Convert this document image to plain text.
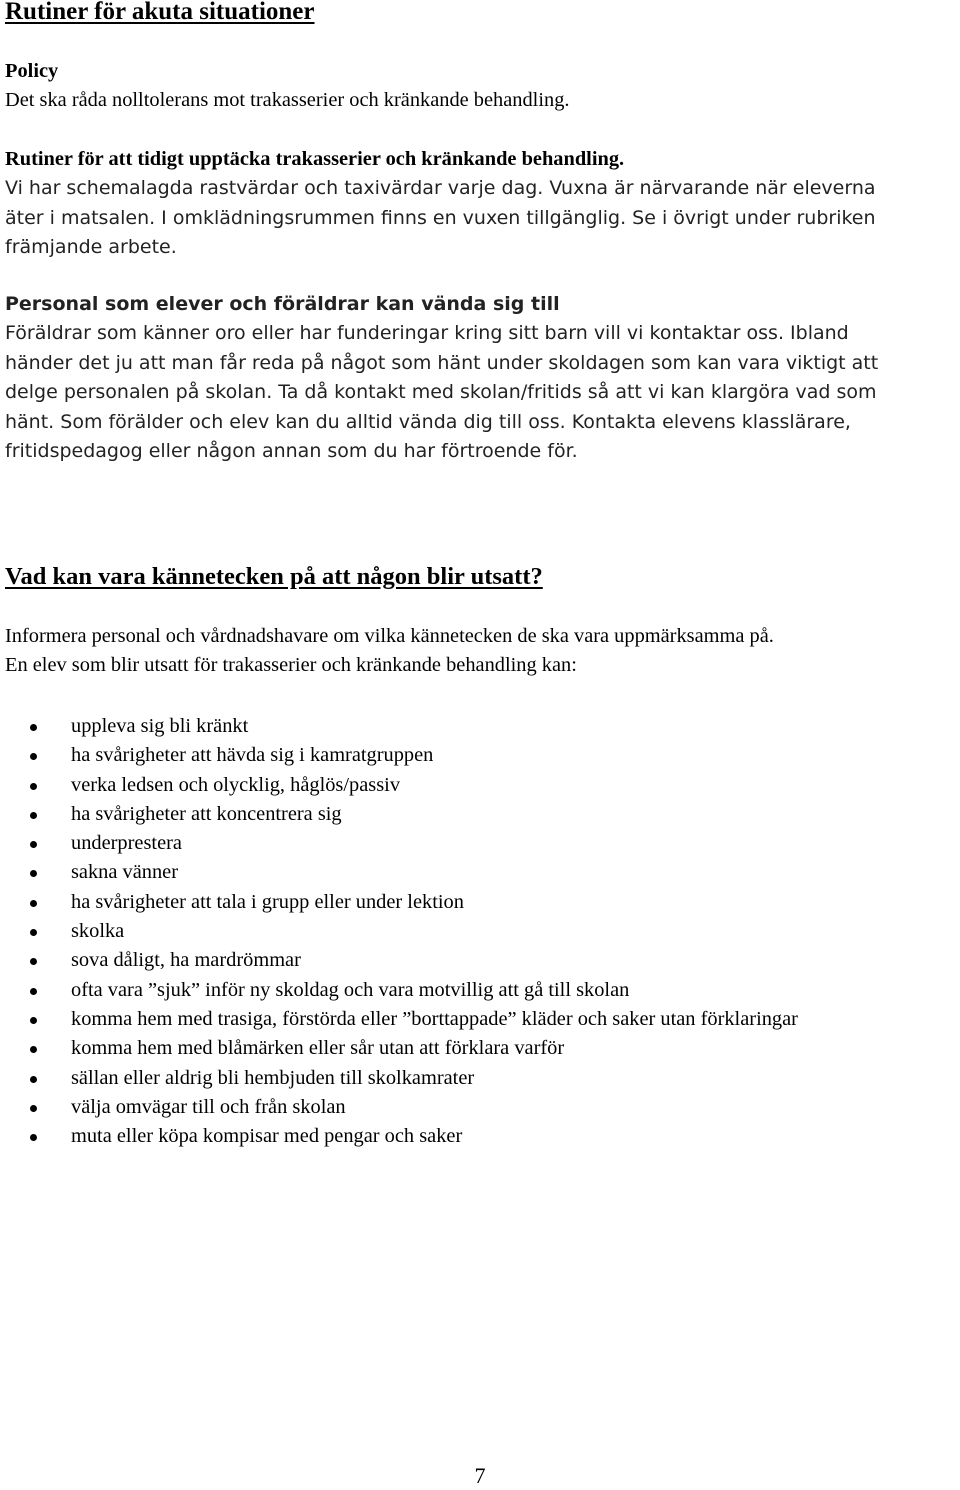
Rutiner för akuta situationer

Policy

Det ska råda nolltolerans mot trakasserier och kränkande behandling.

Rutiner för att tidigt upptäcka trakasserier och kränkande behandling.

Vi har schemalagda rastvärdar och taxivärdar varje dag. Vuxna är närvarande när eleverna

äter i matsalen. I omklädningsrummen finns en vuxen tillgänglig. Se i övrigt under rubriken

främjande arbete.

Personal som elever och föräldrar kan vända sig till

Föräldrar som känner oro eller har funderingar kring sitt barn vill vi kontaktar oss. Ibland

händer det ju att man får reda på något som hänt under skoldagen som kan vara viktigt att

delge personalen på skolan. Ta då kontakt med skolan/fritids så att vi kan klargöra vad som

hänt. Som förälder och elev kan du alltid vända dig till oss. Kontakta elevens klasslärare,

fritidspedagog eller någon annan som du har förtroende för.

Vad kan vara kännetecken på att någon blir utsatt?

Informera personal och vårdnadshavare om vilka kännetecken de ska vara uppmärksamma på.

En elev som blir utsatt för trakasserier och kränkande behandling kan:

uppleva sig bli kränkt
ha svårigheter att hävda sig i kamratgruppen
verka ledsen och olycklig, håglös/passiv
ha svårigheter att koncentrera sig
underprestera
sakna vänner
ha svårigheter att tala i grupp eller under lektion
skolka
sova dåligt, ha mardrömmar
ofta vara ”sjuk” inför ny skoldag och vara motvillig att gå till skolan
komma hem med trasiga, förstörda eller ”borttappade” kläder och saker utan förklaringar
komma hem med blåmärken eller sår utan att förklara varför
sällan eller aldrig bli hembjuden till skolkamrater
välja omvägar till och från skolan
muta eller köpa kompisar med pengar och saker
7
